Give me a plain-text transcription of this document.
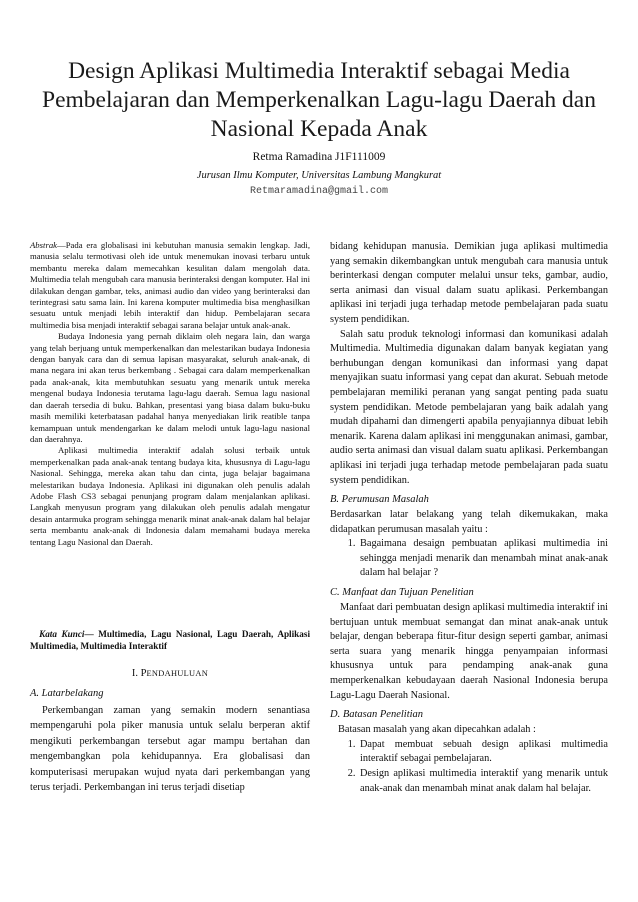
Design Aplikasi Multimedia Interaktif sebagai Media Pembelajaran dan Memperkenalkan Lagu-lagu Daerah dan Nasional Kepada Anak
Retma Ramadina J1F111009
Jurusan Ilmu Komputer, Universitas Lambung Mangkurat
Retmaramadina@gmail.com

Abstrak—Pada era globalisasi ini kebutuhan manusia semakin lengkap. Jadi, manusia selalu termotivasi oleh ide untuk menemukan inovasi terbaru untuk membantu mereka dalam memecahkan kesulitan dalam mengolah data. Multimedia telah mengubah cara manusia berinteraksi dengan komputer. Hal ini dilakukan dengan gambar, teks, animasi audio dan video yang berinteraksi dan terintegrasi satu sama lain. Ini karena komputer multimedia bisa menghasilkan sesuatu untuk menjadi lebih interaktif dan hidup. Pembelajaran secara multimedia bisa menjadi interaktif sebagai sarana belajar untuk anak-anak.

Budaya Indonesia yang pernah diklaim oleh negara lain, dan warga yang telah berjuang untuk memperkenalkan dan melestarikan budaya Indonesia dengan banyak cara dan di semua lapisan masyarakat, seluruh anak-anak, di mana negara ini akan terus berkembang . Sebagai cara dalam memperkenalkan pada anak-anak, kita membutuhkan sesuatu yang menarik untuk mereka mengenal budaya Indonesia terutama lagu-lagu daerah. Semua lagu nasional dan daerah tersedia di buku. Bahkan, presentasi yang biasa dalam buku-buku masih memiliki keterbatasan padahal hanya menyediakan lirik reatible tanpa kemampuan untuk mendengarkan ke dalam melodi untuk lagu-lagu nasional dan daerahnya.

Aplikasi multimedia interaktif adalah solusi terbaik untuk memperkenalkan pada anak-anak tentang budaya kita, khususnya di Lagu-lagu Nasional. Sehingga, mereka akan tahu dan cinta, juga belajar bagaimana melestarikan budaya Indonesia. Aplikasi ini digunakan oleh penulis adalah Adobe Flash CS3 sebagai penunjang program dalam menjalankan aplikasi. Langkah menyusun program yang dilakukan oleh penulis adalah mengatur desain antarmuka program sehingga menarik minat anak-anak dalam hal belajar serta membantu anak-anak di Indonesia dalam memahami budaya mereka tentang Lagu Nasional dan Daerah.

Kata Kunci— Multimedia, Lagu Nasional, Lagu Daerah, Aplikasi Multimedia, Multimedia Interaktif
I. PENDAHULUAN
A. Latarbelakang

Perkembangan zaman yang semakin modern senantiasa mempengaruhi pola piker manusia untuk selalu berperan aktif mengikuti perkembangan tersebut agar mampu bertahan dan mengembangkan pola kehidupannya. Era globalisasi dan komputerisasi merupakan wujud nyata dari perkembangan yang terus terjadi. Perkembangan ini terus terjadi disetiap

bidang kehidupan manusia. Demikian juga aplikasi multimedia yang semakin dikembangkan untuk mengubah cara manusia untuk berinterkasi dengan computer melalui unsur teks, gambar, audio, serta animasi dan visual dalam suatu aplikasi. Perkembangan aplikasi ini terjadi juga terhadap metode pembelajaran pada suatu system pendidikan.

Salah satu produk teknologi informasi dan komunikasi adalah Multimedia. Multimedia digunakan dalam banyak kegiatan yang berhubungan dengan komunikasi dan informasi yang dapat menyajikan suatu informasi yang cepat dan akurat. Sebuah metode pembelajaran memiliki peranan yang sangat penting pada suatu system pendidikan. Metode pembelajaran yang baik adalah yang mudah dipahami dan dimengerti apabila penyajiannya dibuat lebih menarik. Karena dalam aplikasi ini menggunakan animasi, gambar, audio serta animasi dan visual dalam suatu aplikasi. Perkembangan aplikasi ini terjadi juga terhadap metode pembelajaran pada suatu system pendidikan.

B. Perumusan Masalah

Berdasarkan latar belakang yang telah dikemukakan, maka didapatkan perumusan masalah yaitu :

1. Bagaimana desaign pembuatan aplikasi multimedia ini sehingga menjadi menarik dan menambah minat anak-anak dalam hal belajar ?
C. Manfaat dan Tujuan Penelitian

Manfaat dari pembuatan design aplikasi multimedia interaktif ini bertujuan untuk membuat semangat dan minat anak-anak untuk belajar, dengan beberapa fitur-fitur design seperti gambar, animasi serta suara yang menarik hingga penyampaian informasi khususnya untuk para pendamping anak-anak guna memperkenalkan kebudayaan daerah Nasional Indonesia berupa Lagu-Lagu Daerah Nasional.

D. Batasan Penelitian

Batasan masalah yang akan dipecahkan adalah :

1. Dapat membuat sebuah design aplikasi multimedia interaktif sebagai pembelajaran.
2. Design aplikasi multimedia interaktif yang menarik untuk anak-anak dan menambah minat anak dalam hal belajar.
